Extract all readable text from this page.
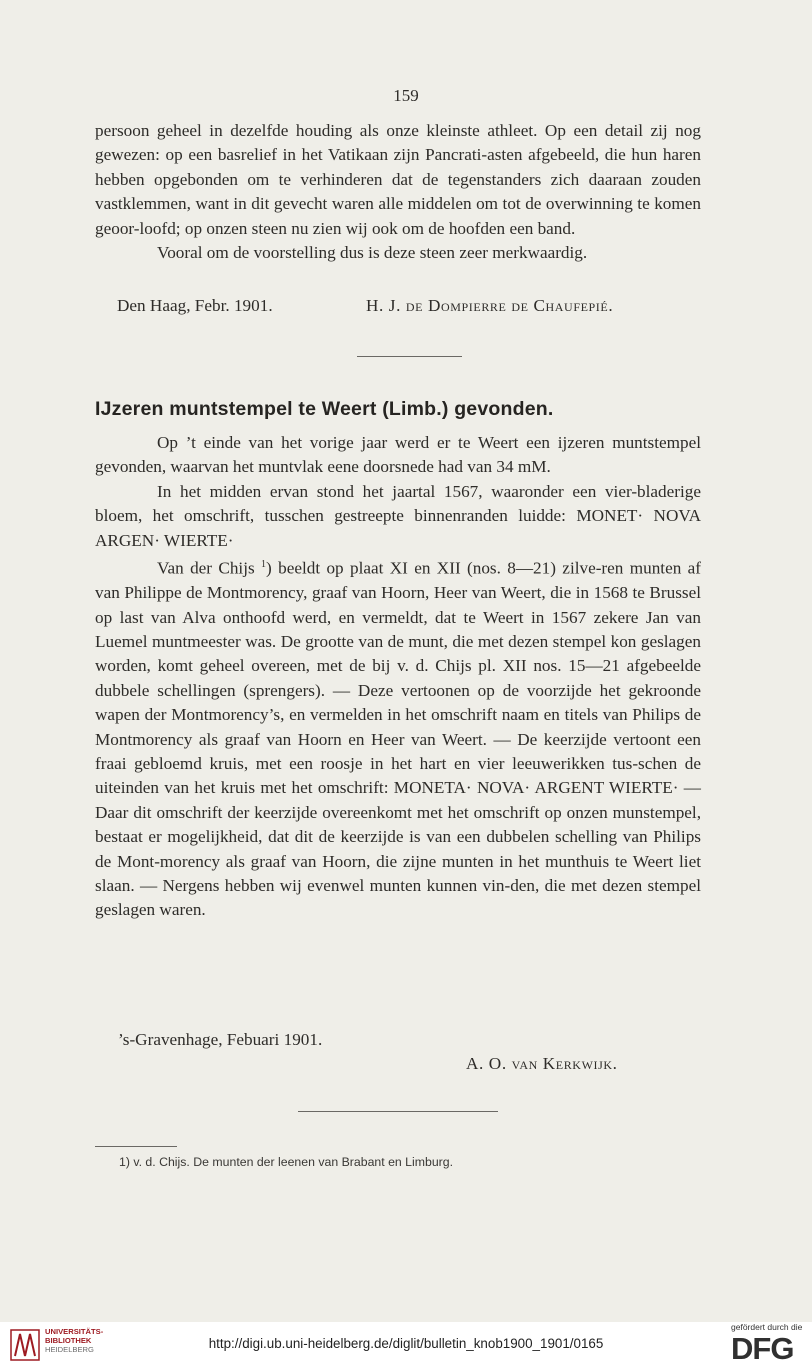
159

persoon geheel in dezelfde houding als onze kleinste athleet. Op een detail zij nog gewezen: op een basrelief in het Vatikaan zijn Pancrati-asten afgebeeld, die hun haren hebben opgebonden om te verhinderen dat de tegenstanders zich daaraan zouden vastklemmen, want in dit gevecht waren alle middelen om tot de overwinning te komen geoor-loofd; op onzen steen nu zien wij ook om de hoofden een band.

Vooral om de voorstelling dus is deze steen zeer merkwaardig.

Den Haag, Febr. 1901.	H. J. de Dompierre de Chaufepié.
IJzeren muntstempel te Weert (Limb.) gevonden.

Op ’t einde van het vorige jaar werd er te Weert een ijzeren muntstempel gevonden, waarvan het muntvlak eene doorsnede had van 34 mM.

In het midden ervan stond het jaartal 1567, waaronder een vier-bladerige bloem, het omschrift, tusschen gestreepte binnenranden luidde: MONET· NOVA ARGEN· WIERTE·

Van der Chijs $^1$) beeldt op plaat XI en XII (nos. 8—21) zilve-ren munten af van Philippe de Montmorency, graaf van Hoorn, Heer van Weert, die in 1568 te Brussel op last van Alva onthoofd werd, en vermeldt, dat te Weert in 1567 zekere Jan van Luemel muntmeester was. De grootte van de munt, die met dezen stempel kon geslagen worden, komt geheel overeen, met de bij v. d. Chijs pl. XII nos. 15—21 afgebeelde dubbele schellingen (sprengers). — Deze vertoonen op de voorzijde het gekroonde wapen der Montmorency’s, en vermelden in het omschrift naam en titels van Philips de Montmorency als graaf van Hoorn en Heer van Weert. — De keerzijde vertoont een fraai gebloemd kruis, met een roosje in het hart en vier leeuwerikken tus-schen de uiteinden van het kruis met het omschrift: MONETA· NOVA· ARGENT WIERTE· — Daar dit omschrift der keerzijde overeenkomt met het omschrift op onzen munstempel, bestaat er mogelijkheid, dat dit de keerzijde is van een dubbelen schelling van Philips de Mont-morency als graaf van Hoorn, die zijne munten in het munthuis te Weert liet slaan. — Nergens hebben wij evenwel munten kunnen vin-den, die met dezen stempel geslagen waren.

’s-Gravenhage, Febuari 1901.
A. O. van Kerkwijk.
1) v. d. Chijs. De munten der leenen van Brabant en Limburg.
UNIVERSITÄTS-
BIBLIOTHEK
HEIDELBERG	http://digi.ub.uni-heidelberg.de/diglit/bulletin_knob1900_1901/0165
gefördert durch die
DFG
